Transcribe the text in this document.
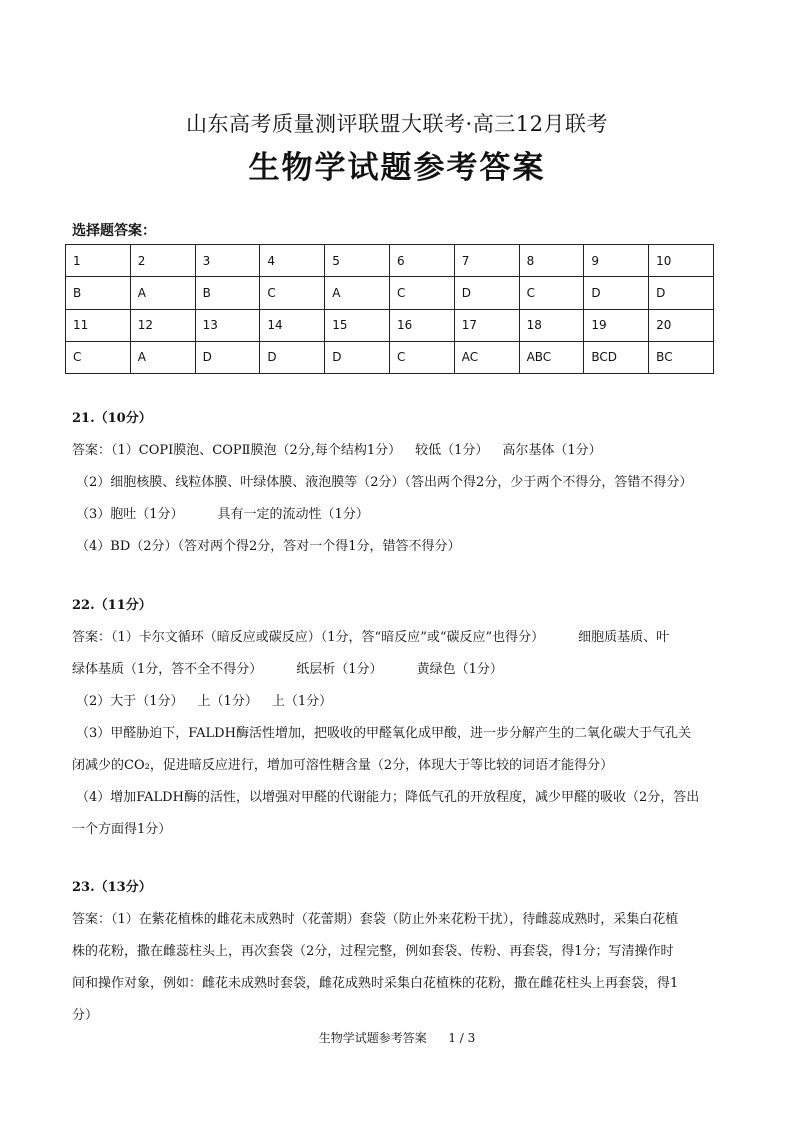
山东高考质量测评联盟大联考·高三12月联考
生物学试题参考答案
选择题答案：
1	2	3	4	5	6	7	8	9	10
B	A	B	C	A	C	D	C	D	D
11	12	13	14	15	16	17	18	19	20
C	A	D	D	D	C	AC	ABC	BCD	BC
21.（10分）
答案：（1）COPI膜泡、COPⅡ膜泡（2分,每个结构1分） 较低（1分） 高尔基体（1分）
（2）细胞核膜、线粒体膜、叶绿体膜、液泡膜等（2分）（答出两个得2分，少于两个不得分，答错不得分）
（3）胞吐（1分）	具有一定的流动性（1分）
（4）BD（2分）（答对两个得2分，答对一个得1分，错答不得分）
22.（11分）
答案：（1）卡尔文循环（暗反应或碳反应）（1分，答“暗反应”或“碳反应”也得分）	细胞质基质、叶
绿体基质（1分，答不全不得分）	纸层析（1分）	黄绿色（1分）
（2）大于（1分） 上（1分） 上（1分）
（3）甲醛胁迫下，FALDH酶活性增加，把吸收的甲醛氧化成甲酸，进一步分解产生的二氧化碳大于气孔关
闭减少的CO₂，促进暗反应进行，增加可溶性糖含量（2分，体现大于等比较的词语才能得分）
（4）增加FALDH酶的活性，以增强对甲醛的代谢能力；降低气孔的开放程度，减少甲醛的吸收（2分，答出
一个方面得1分）
23.（13分）
答案：（1）在紫花植株的雌花未成熟时（花蕾期）套袋（防止外来花粉干扰），待雌蕊成熟时，采集白花植
株的花粉，撒在雌蕊柱头上，再次套袋（2分，过程完整，例如套袋、传粉、再套袋，得1分；写清操作时
间和操作对象，例如：雌花未成熟时套袋，雌花成熟时采集白花植株的花粉，撒在雌花柱头上再套袋，得1
分）
生物学试题参考答案 1 / 3
